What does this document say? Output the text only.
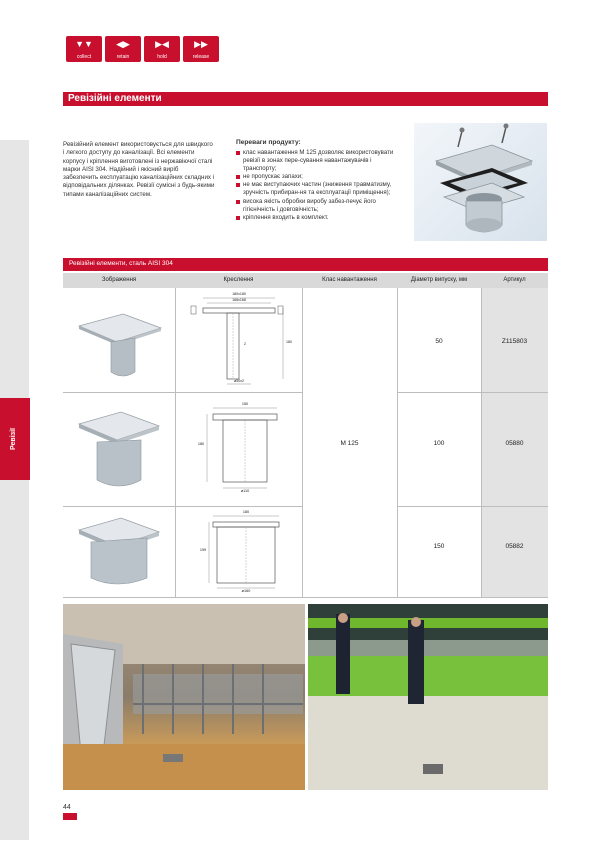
▼▼
collect
◀▶
retain
▶◀
hold
▶▶
release
Ревізії
Ревізійні елементи
Ревізійний елемент використовується для швидкого і легкого доступу до каналізації. Всі елементи корпусу і кріплення виготовлені із нержавіючої сталі марки AISI 304. Надійний і якісний виріб забезпечить експлуатацію каналізаційних складних і відповідальних ділянках. Ревізії сумісні з будь-якими типами каналізаційних систем.
Переваги продукту:
клас навантаження М 125 дозволяє використовувати ревізії в зонах пере-сування навантажувачів і транспорту;
не пропускає запахи;
не має виступаючих частин (зниження травматизму, зручність прибиран-ня та експлуатації приміщення);
висока якість обробки виробу забез-печує його гігієнічність і довговічність;
кріплення входить в комплект.
Ревізійні елементи, сталь AISI 304
Зображення	Креслення	Клас навантаження	Діаметр випуску, мм	Артикул
180x180
168x168
180
2
ø50x2
150
180
ø110
180
199
ø160
М 125
50	Z115803
100	05880
150	05882
44
